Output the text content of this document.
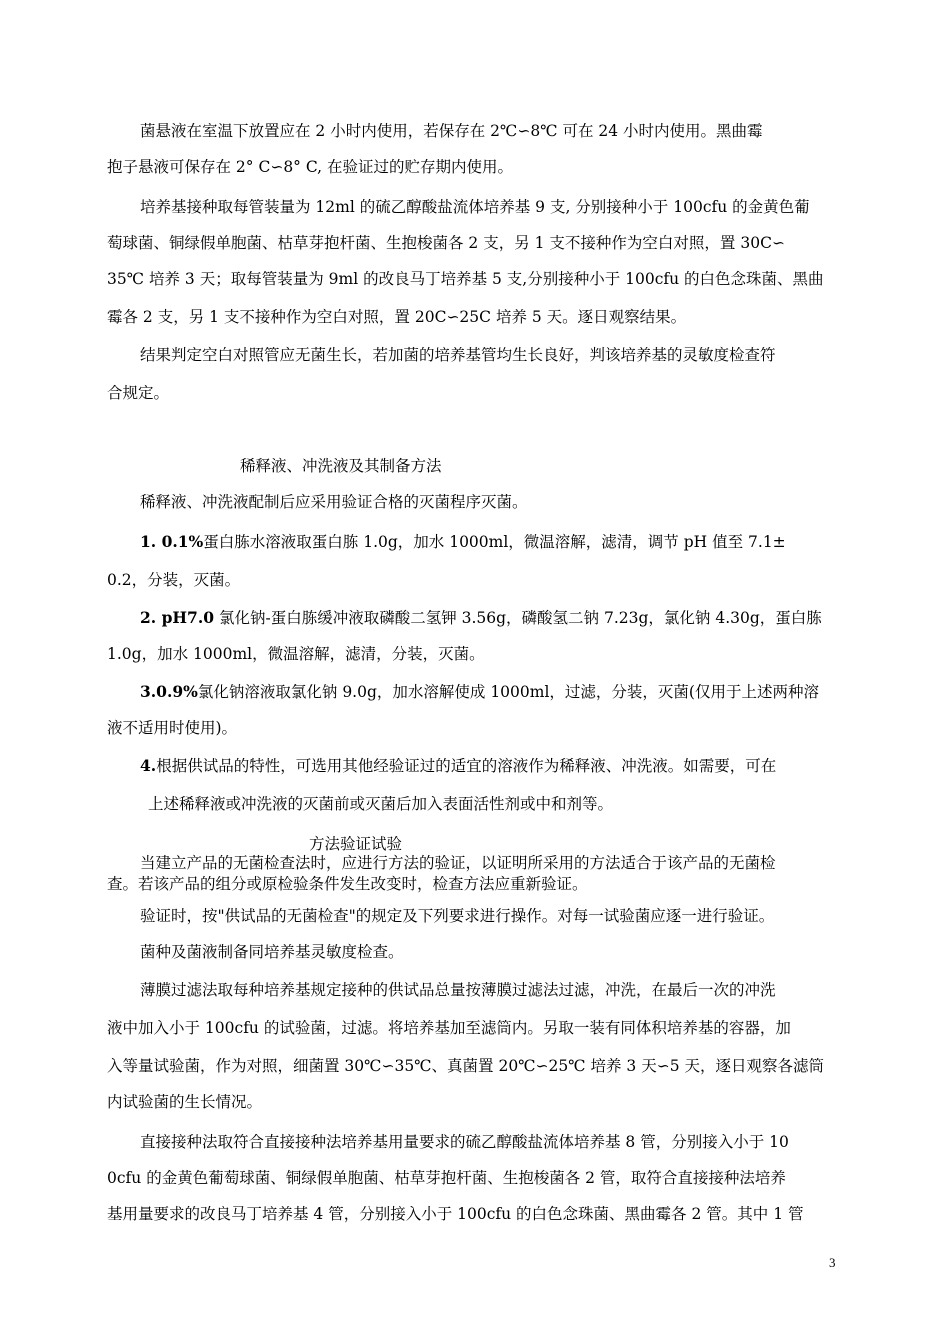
菌悬液在室温下放置应在 2 小时内使用，若保存在 2℃∽8℃ 可在 24 小时内使用。黑曲霉

抱子悬液可保存在 2° C∽8° C, 在验证过的贮存期内使用。

培养基接种取每管装量为 12ml 的硫乙醇酸盐流体培养基 9 支, 分别接种小于 100cfu 的金黄色葡

萄球菌、铜绿假单胞菌、枯草芽抱杆菌、生抱梭菌各 2 支，另 1 支不接种作为空白对照，置 30C∽

35℃ 培养 3 天；取每管装量为 9ml 的改良马丁培养基 5 支,分别接种小于 100cfu 的白色念珠菌、黑曲

霉各 2 支，另 1 支不接种作为空白对照，置 20C∽25C 培养 5 天。逐日观察结果。

结果判定空白对照管应无菌生长，若加菌的培养基管均生长良好，判该培养基的灵敏度检查符

合规定。

稀释液、冲洗液及其制备方法

稀释液、冲洗液配制后应采用验证合格的灭菌程序灭菌。

1. 0.1%蛋白胨水溶液取蛋白胨 1.0g，加水 1000ml，微温溶解，滤清，调节 pH 值至 7.1±

0.2，分装，灭菌。

2. pH7.0 氯化钠-蛋白胨缓冲液取磷酸二氢钾 3.56g，磷酸氢二钠 7.23g，氯化钠 4.30g，蛋白胨

1.0g，加水 1000ml，微温溶解，滤清，分装，灭菌。

3.0.9%氯化钠溶液取氯化钠 9.0g，加水溶解使成 1000ml，过滤，分装，灭菌(仅用于上述两种溶

液不适用时使用)。

4.根据供试品的特性，可选用其他经验证过的适宜的溶液作为稀释液、冲洗液。如需要，可在

上述稀释液或冲洗液的灭菌前或灭菌后加入表面活性剂或中和剂等。

方法验证试验

当建立产品的无菌检查法时，应进行方法的验证，以证明所采用的方法适合于该产品的无菌检

查。若该产品的组分或原检验条件发生改变时，检查方法应重新验证。

验证时，按"供试品的无菌检查"的规定及下列要求进行操作。对每一试验菌应逐一进行验证。

菌种及菌液制备同培养基灵敏度检查。

薄膜过滤法取每种培养基规定接种的供试品总量按薄膜过滤法过滤，冲洗，在最后一次的冲洗

液中加入小于 100cfu 的试验菌，过滤。将培养基加至滤筒内。另取一装有同体积培养基的容器，加

入等量试验菌，作为对照，细菌置 30℃∽35℃、真菌置 20℃∽25℃ 培养 3 天∽5 天，逐日观察各滤筒

内试验菌的生长情况。

直接接种法取符合直接接种法培养基用量要求的硫乙醇酸盐流体培养基 8 管，分别接入小于 10

0cfu 的金黄色葡萄球菌、铜绿假单胞菌、枯草芽抱杆菌、生抱梭菌各 2 管，取符合直接接种法培养

基用量要求的改良马丁培养基 4 管，分别接入小于 100cfu 的白色念珠菌、黑曲霉各 2 管。其中 1 管

3
